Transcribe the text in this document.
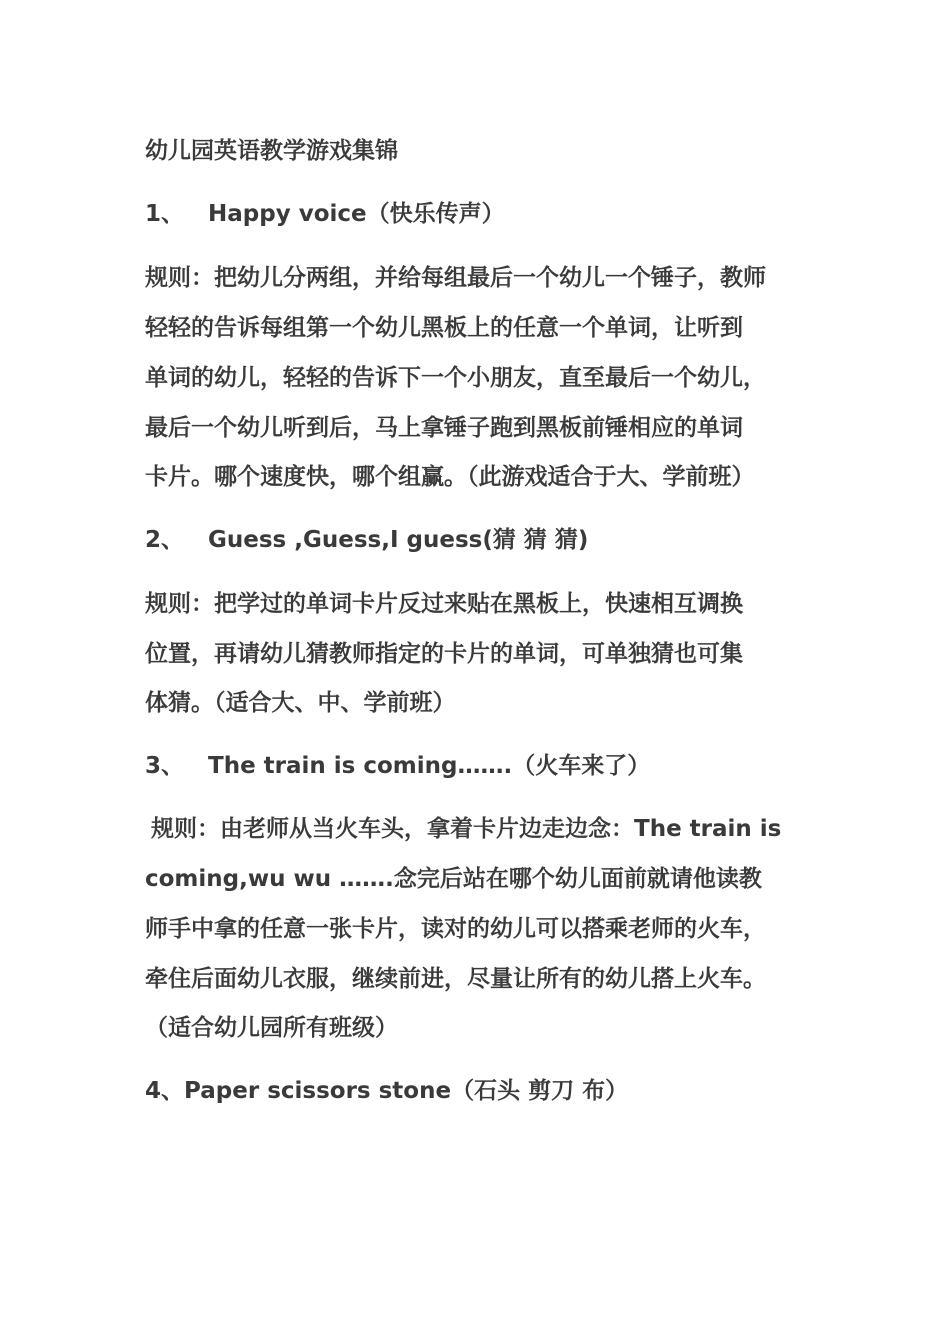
幼儿园英语教学游戏集锦
1、 Happy voice（快乐传声）
规则：把幼儿分两组，并给每组最后一个幼儿一个锤子，教师
轻轻的告诉每组第一个幼儿黑板上的任意一个单词，让听到
单词的幼儿，轻轻的告诉下一个小朋友，直至最后一个幼儿，
最后一个幼儿听到后，马上拿锤子跑到黑板前锤相应的单词
卡片。哪个速度快，哪个组赢。（此游戏适合于大、学前班）
2、 Guess ,Guess,I guess(猜 猜 猜)
规则：把学过的单词卡片反过来贴在黑板上，快速相互调换
位置，再请幼儿猜教师指定的卡片的单词，可单独猜也可集
体猜。（适合大、中、学前班）
3、 The train is coming…….（火车来了）
规则：由老师从当火车头，拿着卡片边走边念：The train is
coming,wu wu …….念完后站在哪个幼儿面前就请他读教
师手中拿的任意一张卡片，读对的幼儿可以搭乘老师的火车，
牵住后面幼儿衣服，继续前进，尽量让所有的幼儿搭上火车。
（适合幼儿园所有班级）
4、Paper scissors stone（石头 剪刀 布）
